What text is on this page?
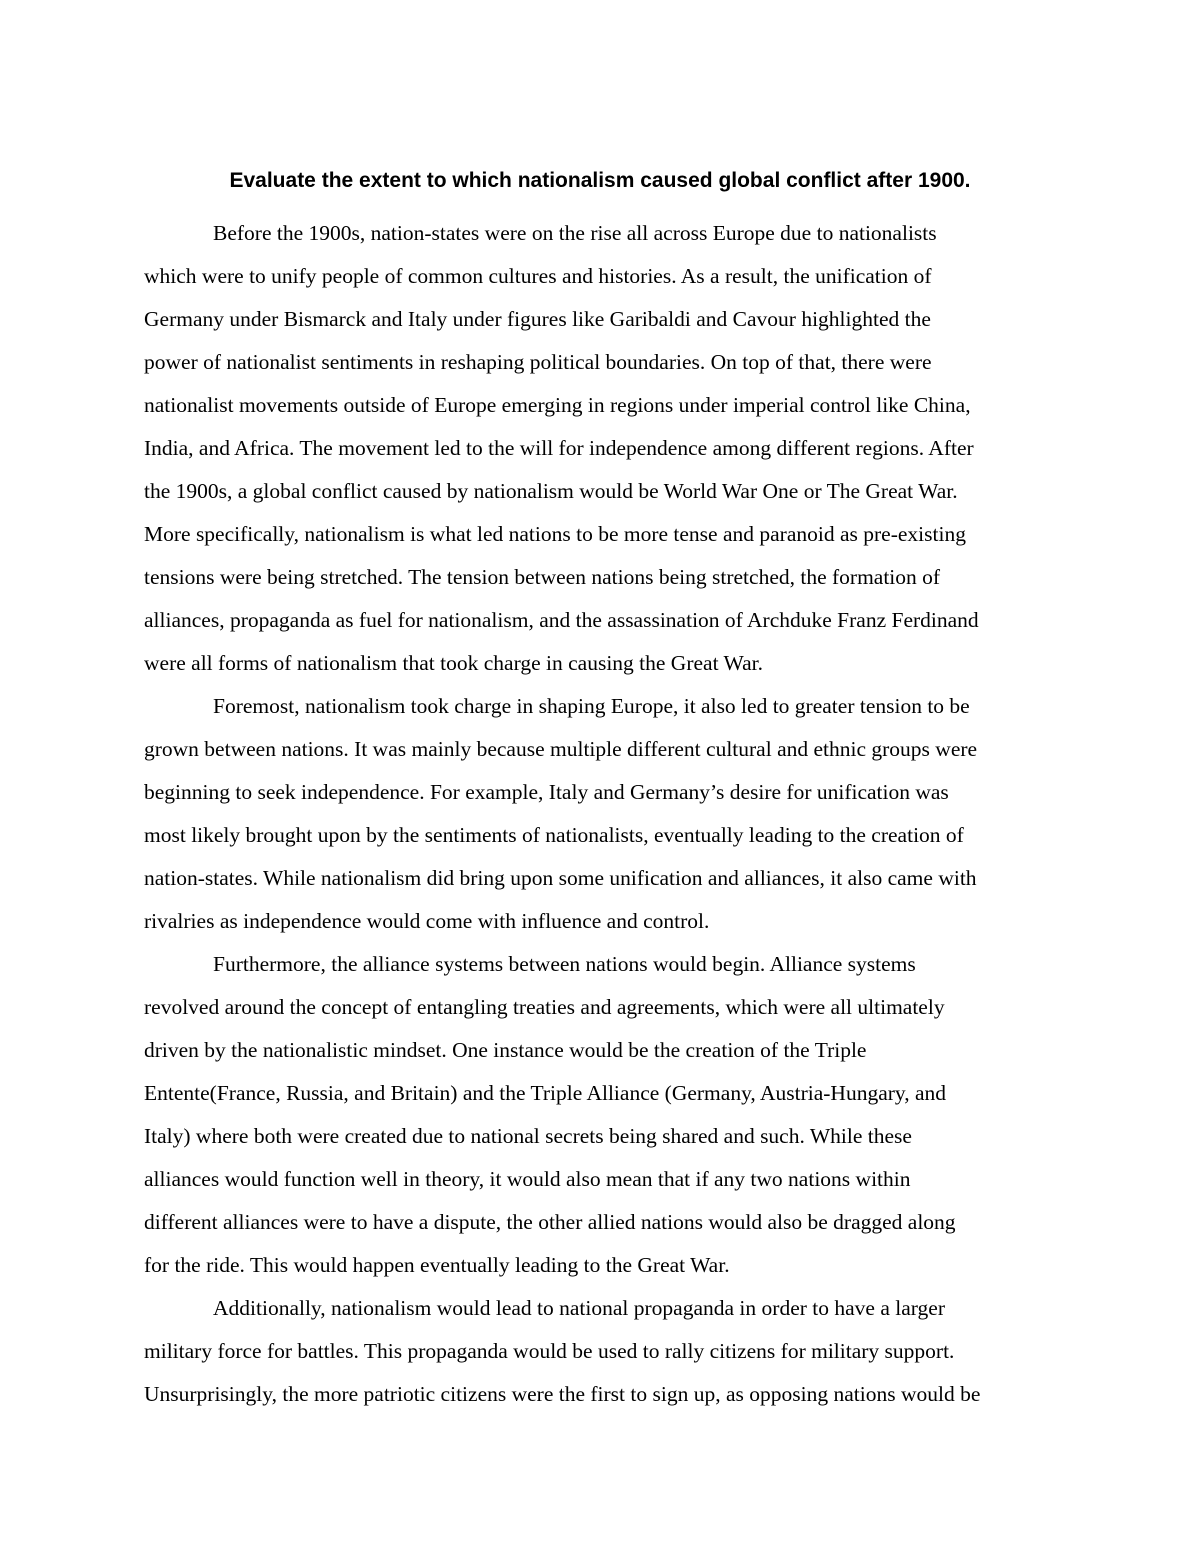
Evaluate the extent to which nationalism caused global conflict after 1900.
Before the 1900s, nation-states were on the rise all across Europe due to nationalists
which were to unify people of common cultures and histories. As a result, the unification of
Germany under Bismarck and Italy under figures like Garibaldi and Cavour highlighted the
power of nationalist sentiments in reshaping political boundaries. On top of that, there were
nationalist movements outside of Europe emerging in regions under imperial control like China,
India, and Africa. The movement led to the will for independence among different regions. After
the 1900s, a global conflict caused by nationalism would be World War One or The Great War.
More specifically, nationalism is what led nations to be more tense and paranoid as pre-existing
tensions were being stretched. The tension between nations being stretched, the formation of
alliances, propaganda as fuel for nationalism, and the assassination of Archduke Franz Ferdinand
were all forms of nationalism that took charge in causing the Great War.
Foremost, nationalism took charge in shaping Europe, it also led to greater tension to be
grown between nations. It was mainly because multiple different cultural and ethnic groups were
beginning to seek independence. For example, Italy and Germany’s desire for unification was
most likely brought upon by the sentiments of nationalists, eventually leading to the creation of
nation-states. While nationalism did bring upon some unification and alliances, it also came with
rivalries as independence would come with influence and control.
Furthermore, the alliance systems between nations would begin. Alliance systems
revolved around the concept of entangling treaties and agreements, which were all ultimately
driven by the nationalistic mindset. One instance would be the creation of the Triple
Entente(France, Russia, and Britain) and the Triple Alliance (Germany, Austria-Hungary, and
Italy) where both were created due to national secrets being shared and such. While these
alliances would function well in theory, it would also mean that if any two nations within
different alliances were to have a dispute, the other allied nations would also be dragged along
for the ride. This would happen eventually leading to the Great War.
Additionally, nationalism would lead to national propaganda in order to have a larger
military force for battles. This propaganda would be used to rally citizens for military support.
Unsurprisingly, the more patriotic citizens were the first to sign up, as opposing nations would be
